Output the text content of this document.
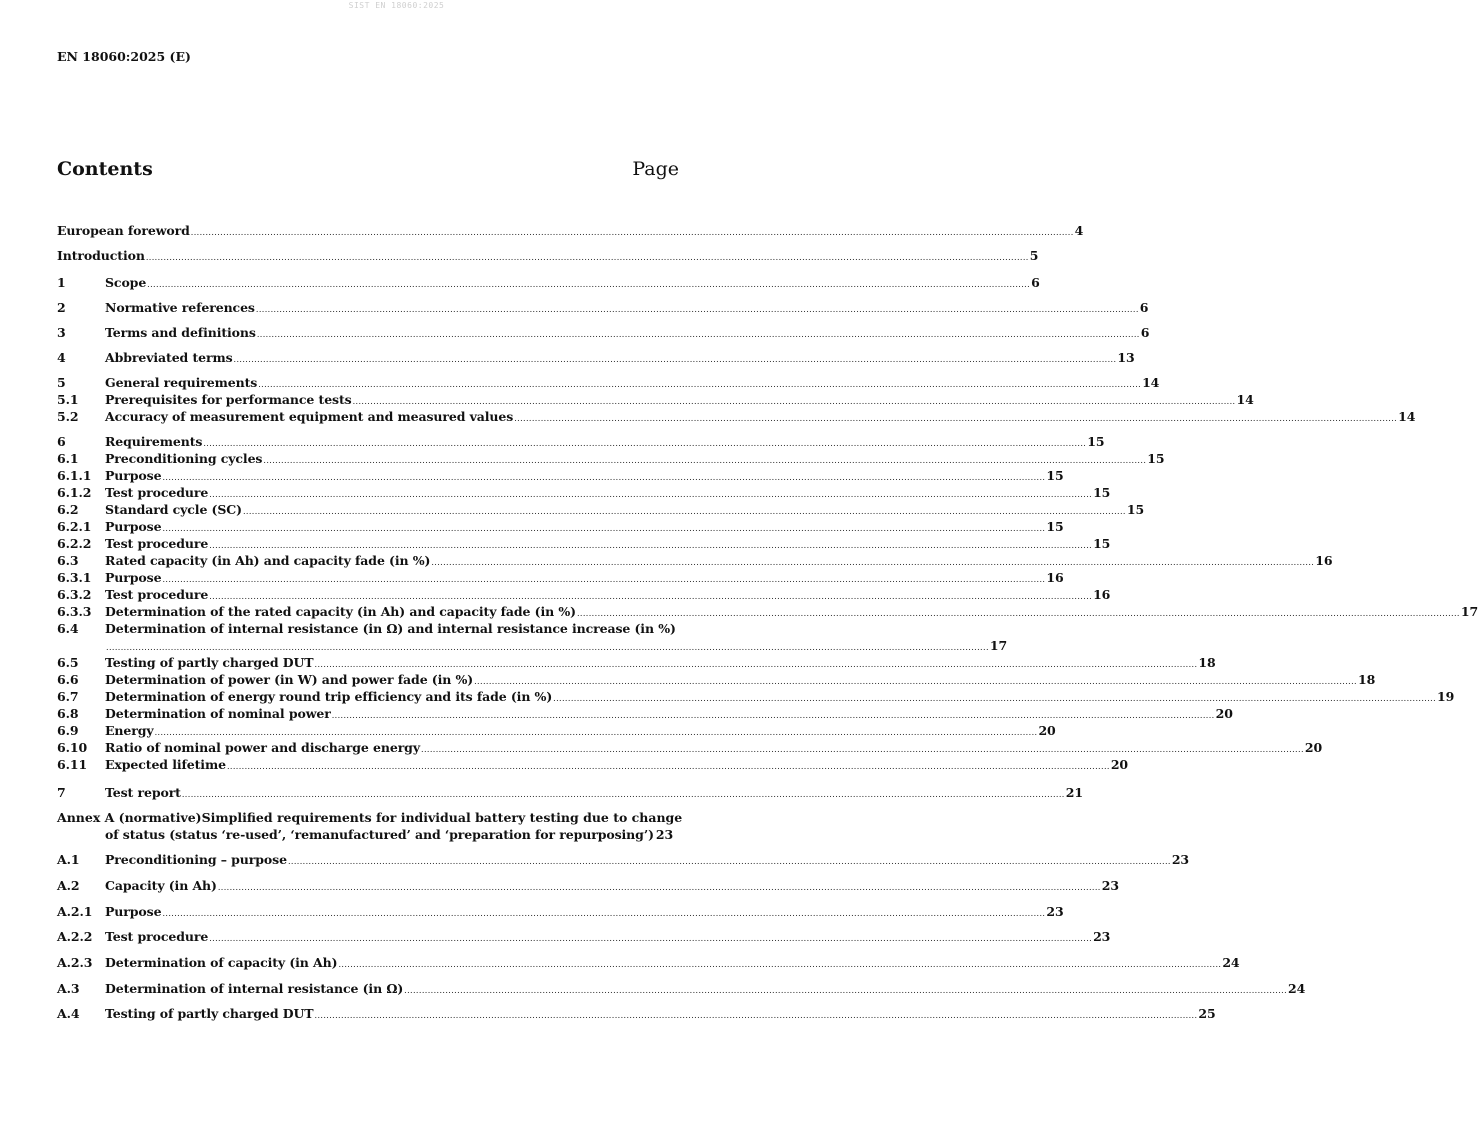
SIST EN 18060:2025
EN 18060:2025 (E)
Contents	Page
European foreword ............................................................................................................................................................................................................................................................................................................ 4
Introduction ............................................................................................................................................................................................................................................................................................................ 5
1	Scope ............................................................................................................................................................................................................................................................................................................ 6
2	Normative references ............................................................................................................................................................................................................................................................................................................ 6
3	Terms and definitions ............................................................................................................................................................................................................................................................................................................ 6
4	Abbreviated terms ............................................................................................................................................................................................................................................................................................................ 13
5	General requirements ............................................................................................................................................................................................................................................................................................................ 14
5.1	Prerequisites for performance tests ............................................................................................................................................................................................................................................................................................................ 14
5.2	Accuracy of measurement equipment and measured values ............................................................................................................................................................................................................................................................................................................ 14
6	Requirements ............................................................................................................................................................................................................................................................................................................ 15
6.1	Preconditioning cycles ............................................................................................................................................................................................................................................................................................................ 15
6.1.1	Purpose ............................................................................................................................................................................................................................................................................................................ 15
6.1.2	Test procedure ............................................................................................................................................................................................................................................................................................................ 15
6.2	Standard cycle (SC) ............................................................................................................................................................................................................................................................................................................ 15
6.2.1	Purpose ............................................................................................................................................................................................................................................................................................................ 15
6.2.2	Test procedure ............................................................................................................................................................................................................................................................................................................ 15
6.3	Rated capacity (in Ah) and capacity fade (in %) ............................................................................................................................................................................................................................................................................................................ 16
6.3.1	Purpose ............................................................................................................................................................................................................................................................................................................ 16
6.3.2	Test procedure ............................................................................................................................................................................................................................................................................................................ 16
6.3.3	Determination of the rated capacity (in Ah) and capacity fade (in %) ............................................................................................................................................................................................................................................................................................................ 17
6.4	Determination of internal resistance (in Ω) and internal resistance increase (in %)
............................................................................................................................................................................................................................................................................................................ 17
6.5	Testing of partly charged DUT ............................................................................................................................................................................................................................................................................................................ 18
6.6	Determination of power (in W) and power fade (in %) ............................................................................................................................................................................................................................................................................................................ 18
6.7	Determination of energy round trip efficiency and its fade (in %) ............................................................................................................................................................................................................................................................................................................ 19
6.8	Determination of nominal power ............................................................................................................................................................................................................................................................................................................ 20
6.9	Energy ............................................................................................................................................................................................................................................................................................................ 20
6.10	Ratio of nominal power and discharge energy ............................................................................................................................................................................................................................................................................................................ 20
6.11	Expected lifetime ............................................................................................................................................................................................................................................................................................................ 20
7	Test report ............................................................................................................................................................................................................................................................................................................ 21
Annex A (normative) Simplified requirements for individual battery testing due to change
of status (status ‘re-used’, ‘remanufactured’ and ‘preparation for repurposing’) 23
A.1	Preconditioning – purpose ............................................................................................................................................................................................................................................................................................................ 23
A.2	Capacity (in Ah) ............................................................................................................................................................................................................................................................................................................ 23
A.2.1	Purpose ............................................................................................................................................................................................................................................................................................................ 23
A.2.2	Test procedure ............................................................................................................................................................................................................................................................................................................ 23
A.2.3	Determination of capacity (in Ah) ............................................................................................................................................................................................................................................................................................................ 24
A.3	Determination of internal resistance (in Ω) ............................................................................................................................................................................................................................................................................................................ 24
A.4	Testing of partly charged DUT ............................................................................................................................................................................................................................................................................................................ 25
